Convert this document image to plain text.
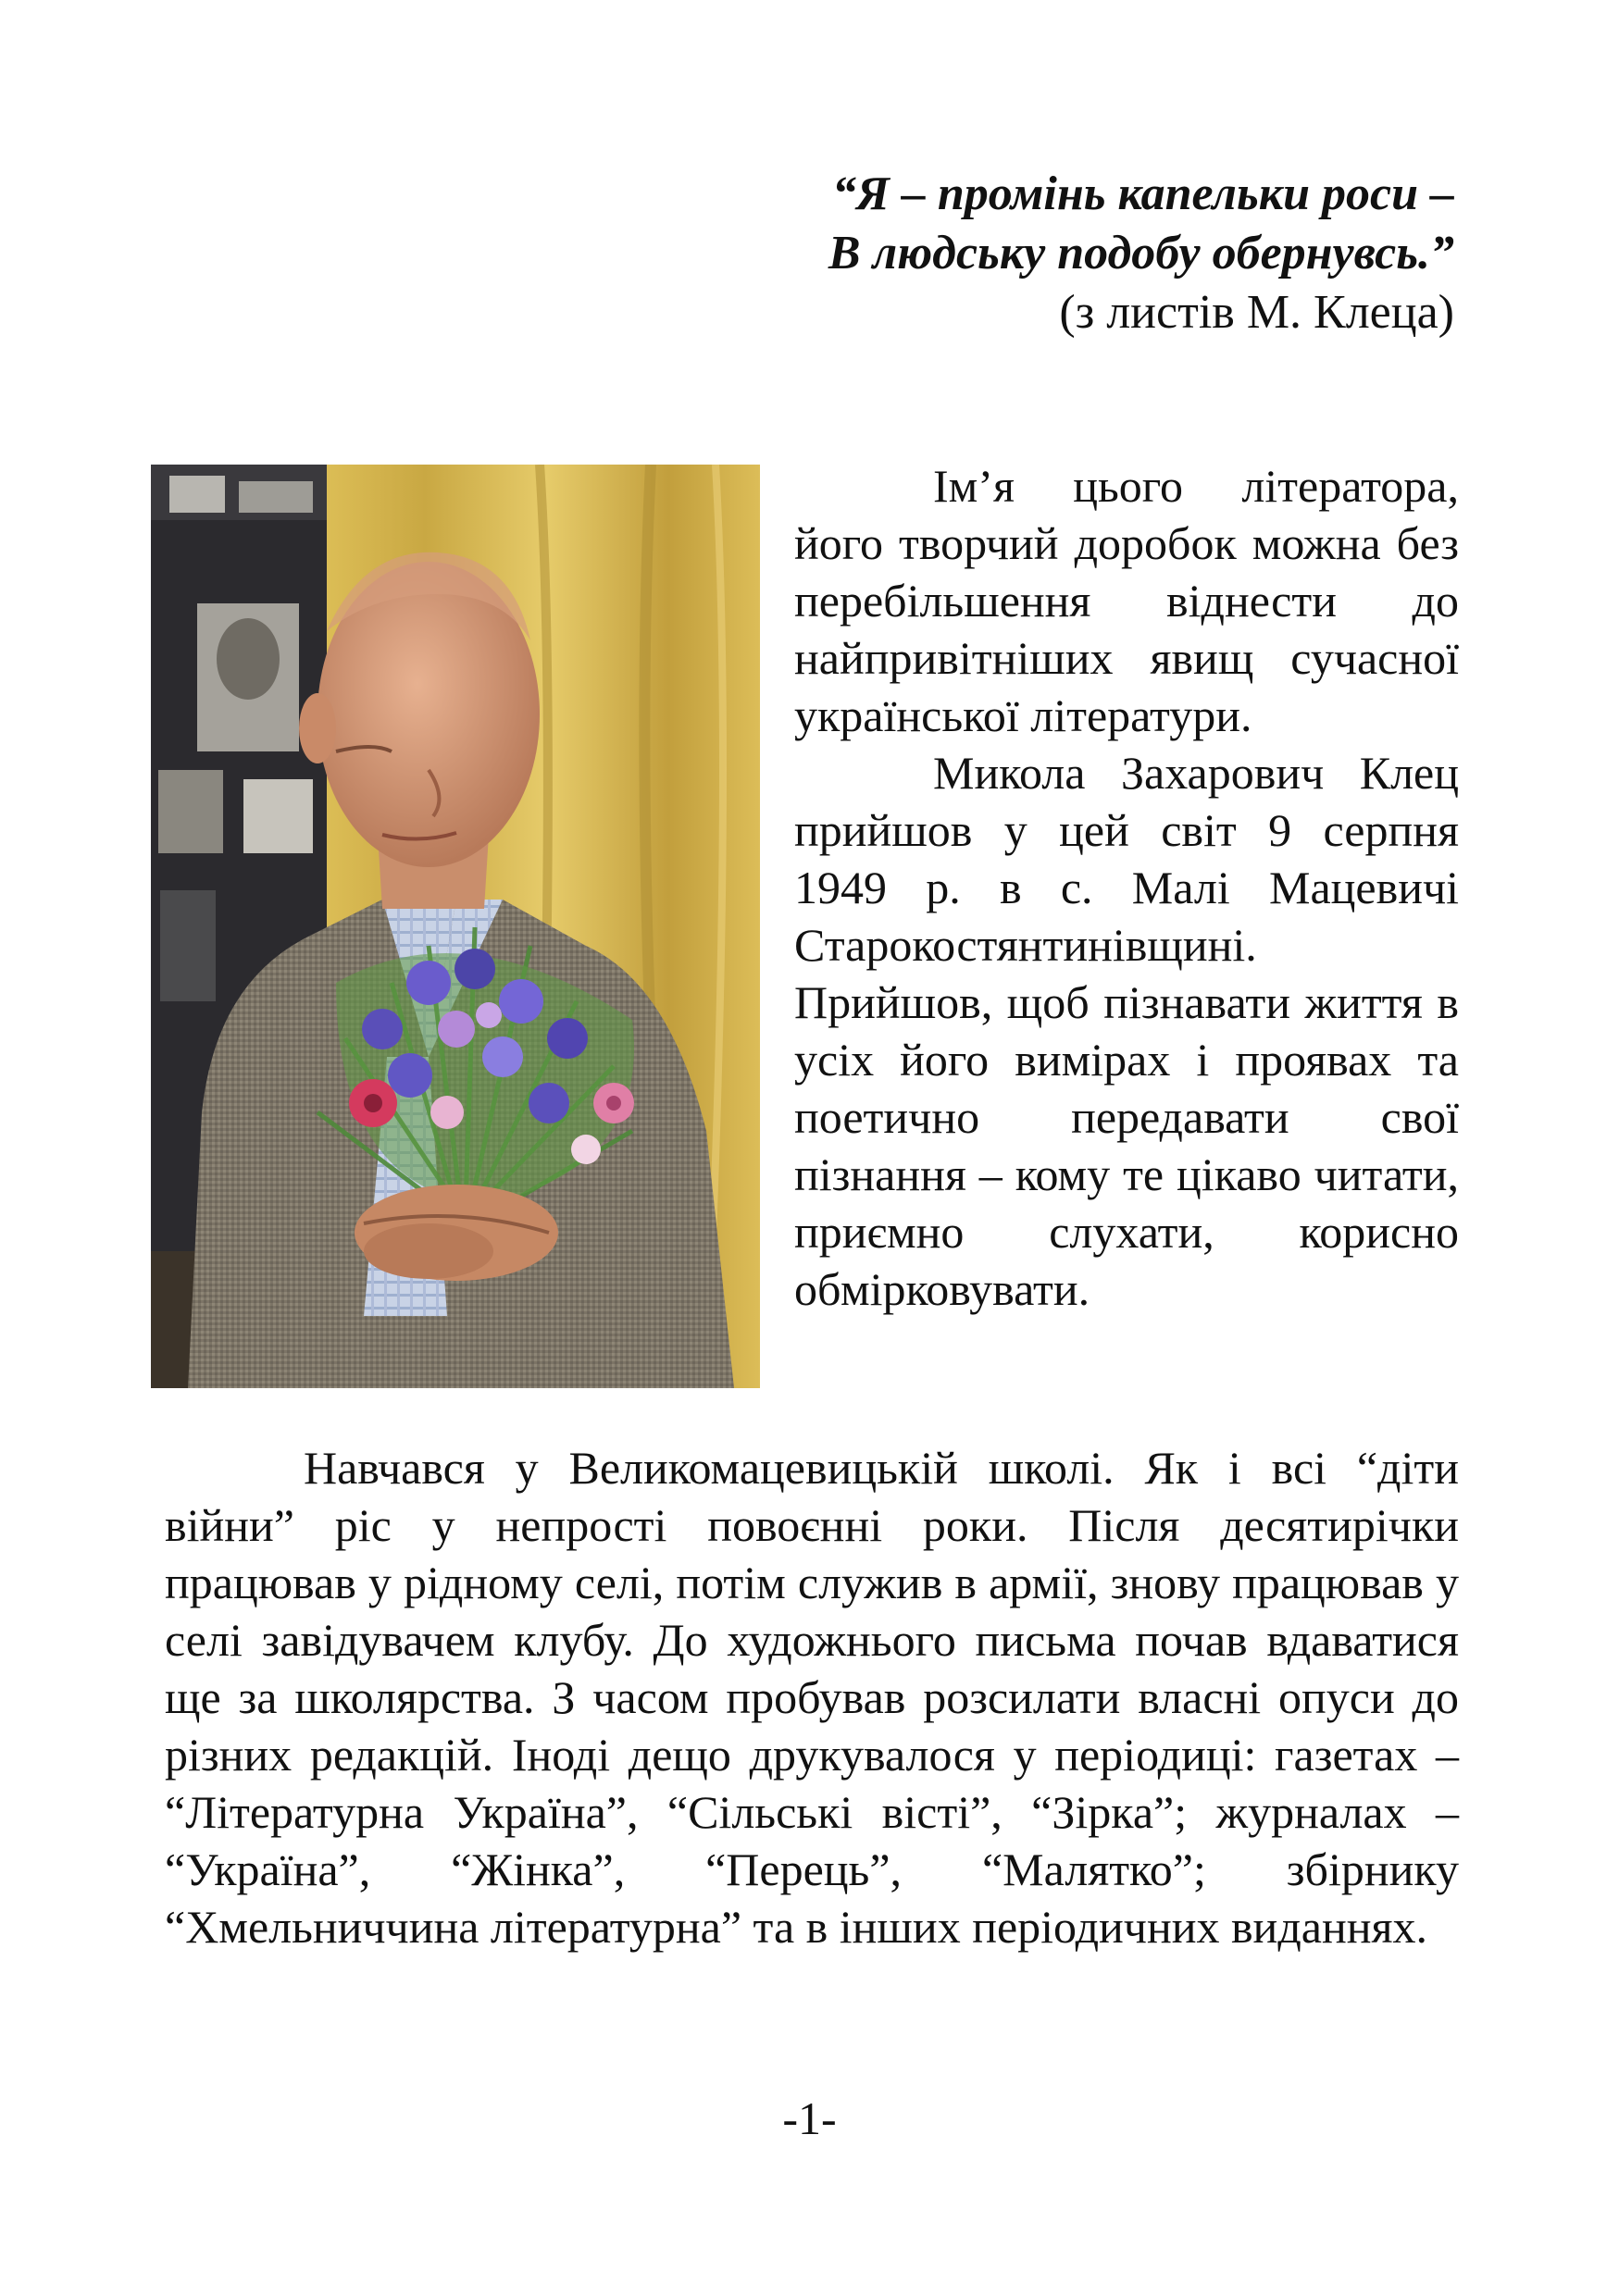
“Я – промінь капельки роси –
В людську подобу обернувсь.”
(з листів М. Клеца)

Ім’я цього літератора, його творчий доробок можна без перебільшення віднести до найпривітніших явищ сучасної української літератури.

Микола Захарович Клец прийшов у цей світ 9 серпня 1949 р. в с. Малі Мацевичі Старокостянтинівщині. Прийшов, щоб пізнавати життя в усіх його вимірах і проявах та поетично передавати свої пізнання – кому те цікаво читати, приємно слухати, корисно обмірковувати.

Навчався у Великомацевицькій школі. Як і всі “діти війни” ріс у непрості повоєнні роки. Після десятирічки працював у рідному селі, потім служив в армії, знову працював у селі завідувачем клубу. До художнього письма почав вдаватися ще за школярства. З часом пробував розсилати власні опуси до різних редакцій. Іноді дещо друкувалося у періодиці: газетах – “Літературна Україна”, “Сільські вісті”, “Зірка”; журналах – “Україна”, “Жінка”, “Перець”, “Малятко”; збірнику “Хмельниччина літературна” та в інших періодичних виданнях.

-1-
